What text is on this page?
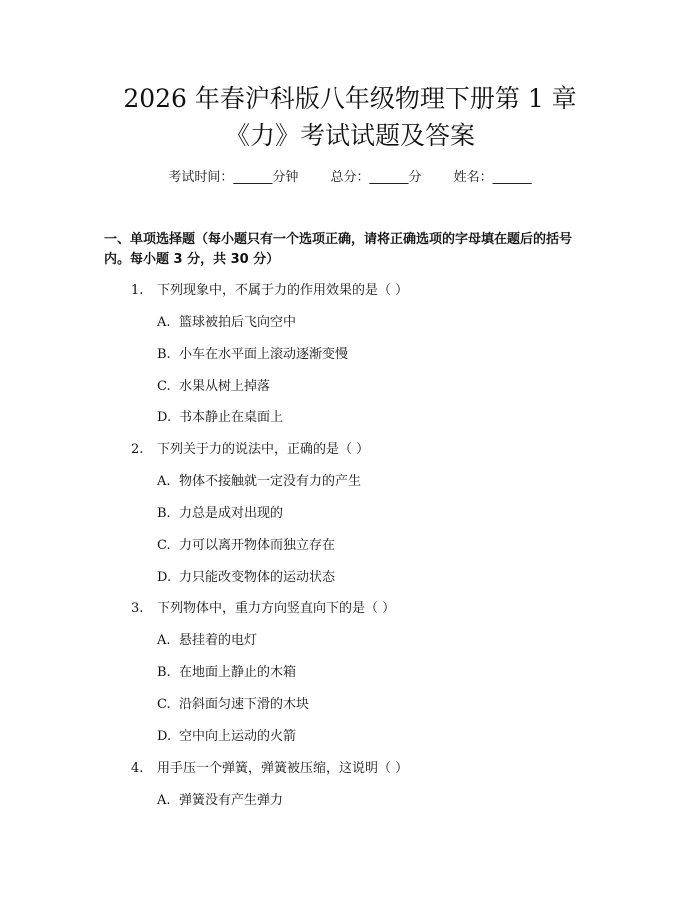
2026 年春沪科版八年级物理下册第 1 章
《力》考试试题及答案
考试时间：______分钟 总分：______分 姓名：______
一、单项选择题（每小题只有一个选项正确，请将正确选项的字母填在题后的括号内。每小题 3 分，共 30 分）
1. 下列现象中，不属于力的作用效果的是（ ）
A. 篮球被拍后飞向空中
B. 小车在水平面上滚动逐渐变慢
C. 水果从树上掉落
D. 书本静止在桌面上
2. 下列关于力的说法中，正确的是（ ）
A. 物体不接触就一定没有力的产生
B. 力总是成对出现的
C. 力可以离开物体而独立存在
D. 力只能改变物体的运动状态
3. 下列物体中，重力方向竖直向下的是（ ）
A. 悬挂着的电灯
B. 在地面上静止的木箱
C. 沿斜面匀速下滑的木块
D. 空中向上运动的火箭
4. 用手压一个弹簧，弹簧被压缩，这说明（ ）
A. 弹簧没有产生弹力
